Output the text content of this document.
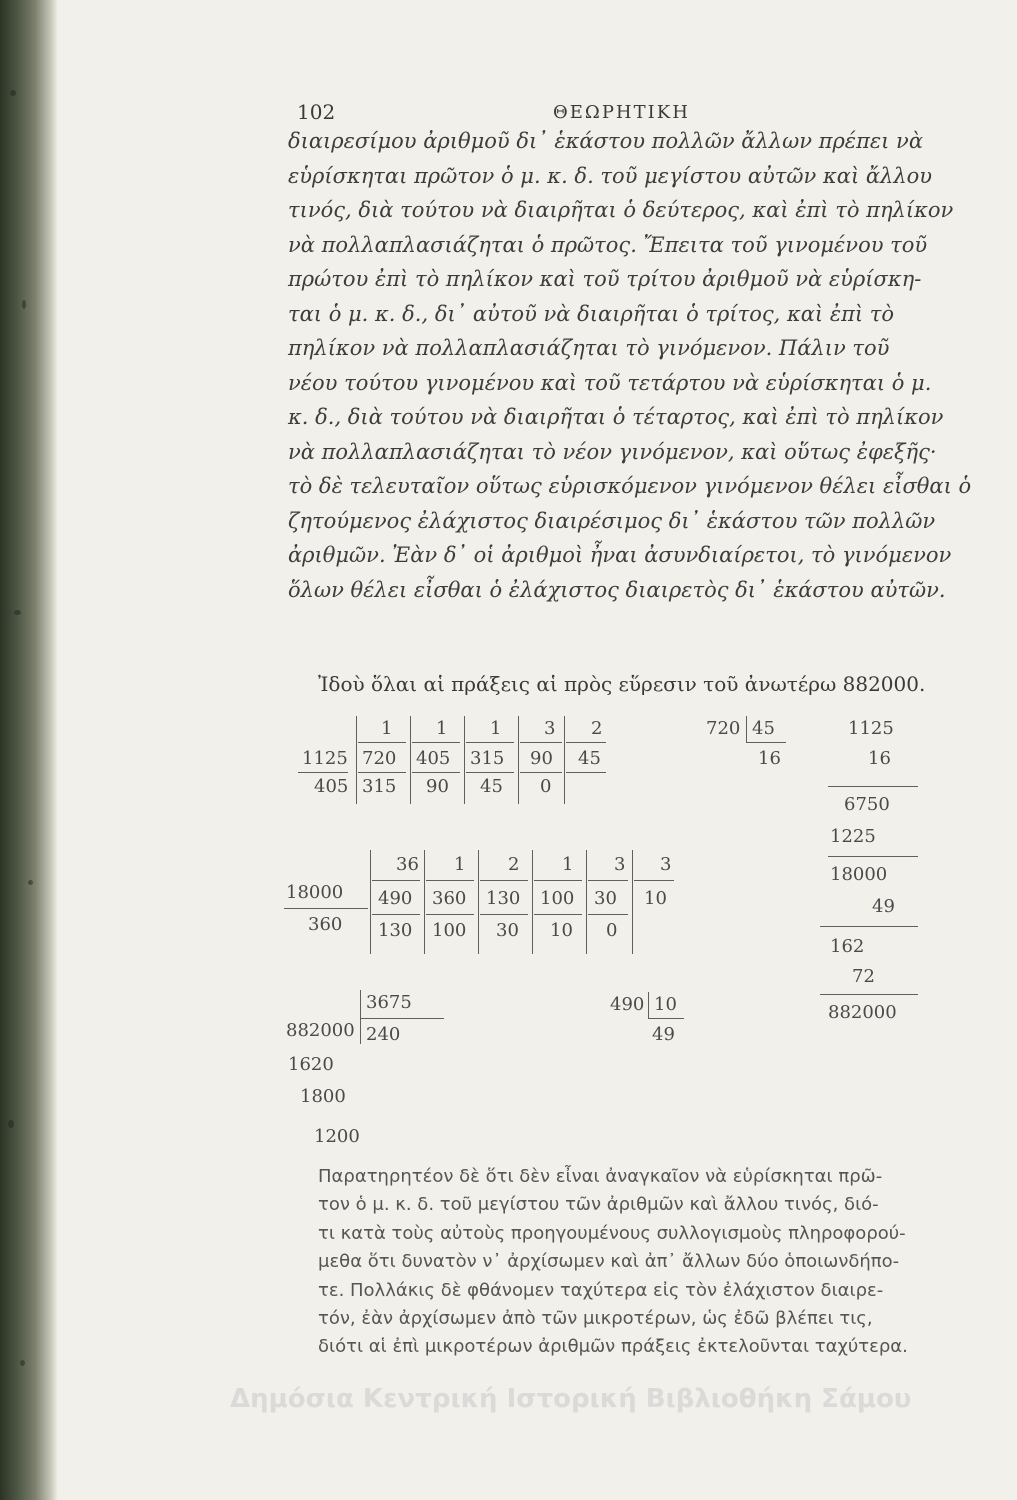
102	ΘΕΩΡΗΤΙΚΗ
διαιρεσίμου ἀριθμοῦ δι᾽ ἑκάστου πολλῶν ἄλλων πρέπει νὰ
εὑρίσκηται πρῶτον ὁ μ. κ. δ. τοῦ μεγίστου αὐτῶν καὶ ἄλλου
τινός, διὰ τούτου νὰ διαιρῆται ὁ δεύτερος, καὶ ἐπὶ τὸ πηλίκον
νὰ πολλαπλασιάζηται ὁ πρῶτος. Ἔπειτα τοῦ γινομένου τοῦ
πρώτου ἐπὶ τὸ πηλίκον καὶ τοῦ τρίτου ἀριθμοῦ νὰ εὑρίσκη-
ται ὁ μ. κ. δ., δι᾽ αὐτοῦ νὰ διαιρῆται ὁ τρίτος, καὶ ἐπὶ τὸ
πηλίκον νὰ πολλαπλασιάζηται τὸ γινόμενον. Πάλιν τοῦ
νέου τούτου γινομένου καὶ τοῦ τετάρτου νὰ εὑρίσκηται ὁ μ.
κ. δ., διὰ τούτου νὰ διαιρῆται ὁ τέταρτος, καὶ ἐπὶ τὸ πηλίκον
νὰ πολλαπλασιάζηται τὸ νέον γινόμενον, καὶ οὕτως ἐφεξῆς·
τὸ δὲ τελευταῖον οὕτως εὑρισκόμενον γινόμενον θέλει εἶσθαι ὁ
ζητούμενος ἐλάχιστος διαιρέσιμος δι᾽ ἑκάστου τῶν πολλῶν
ἀριθμῶν. Ἐὰν δ᾽ οἱ ἀριθμοὶ ἦναι ἀσυνδιαίρετοι, τὸ γινόμενον
ὅλων θέλει εἶσθαι ὁ ἐλάχιστος διαιρετὸς δι᾽ ἑκάστου αὐτῶν.
Ἰδοὺ ὅλαι αἱ πράξεις αἱ πρὸς εὕρεσιν τοῦ ἀνωτέρω 882000.
1125
405
1
720
315
1
405
90
1
315
45
3
90
0
2
45
720 45
16
1125
16
6750
1225
18000
18000
360
36
490
130
1
360
100
2
130
30
1
100
10
3
30
0
3
10	49
162
72
882000
3675
882000 240
1620
1800
1200
490 10
49
Παρατηρητέον δὲ ὅτι δὲν εἶναι ἀναγκαῖον νὰ εὑρίσκηται πρῶ-
τον ὁ μ. κ. δ. τοῦ μεγίστου τῶν ἀριθμῶν καὶ ἄλλου τινός, διό-
τι κατὰ τοὺς αὐτοὺς προηγουμένους συλλογισμοὺς πληροφορού-
μεθα ὅτι δυνατὸν ν᾽ ἀρχίσωμεν καὶ ἀπ᾽ ἄλλων δύο ὁποιωνδήπο-
τε. Πολλάκις δὲ φθάνομεν ταχύτερα εἰς τὸν ἐλάχιστον διαιρε-
τόν, ἐὰν ἀρχίσωμεν ἀπὸ τῶν μικροτέρων, ὡς ἐδῶ βλέπει τις,
διότι αἱ ἐπὶ μικροτέρων ἀριθμῶν πράξεις ἐκτελοῦνται ταχύτερα.
Δημόσια Κεντρική Ιστορική Βιβλιοθήκη Σάμου
